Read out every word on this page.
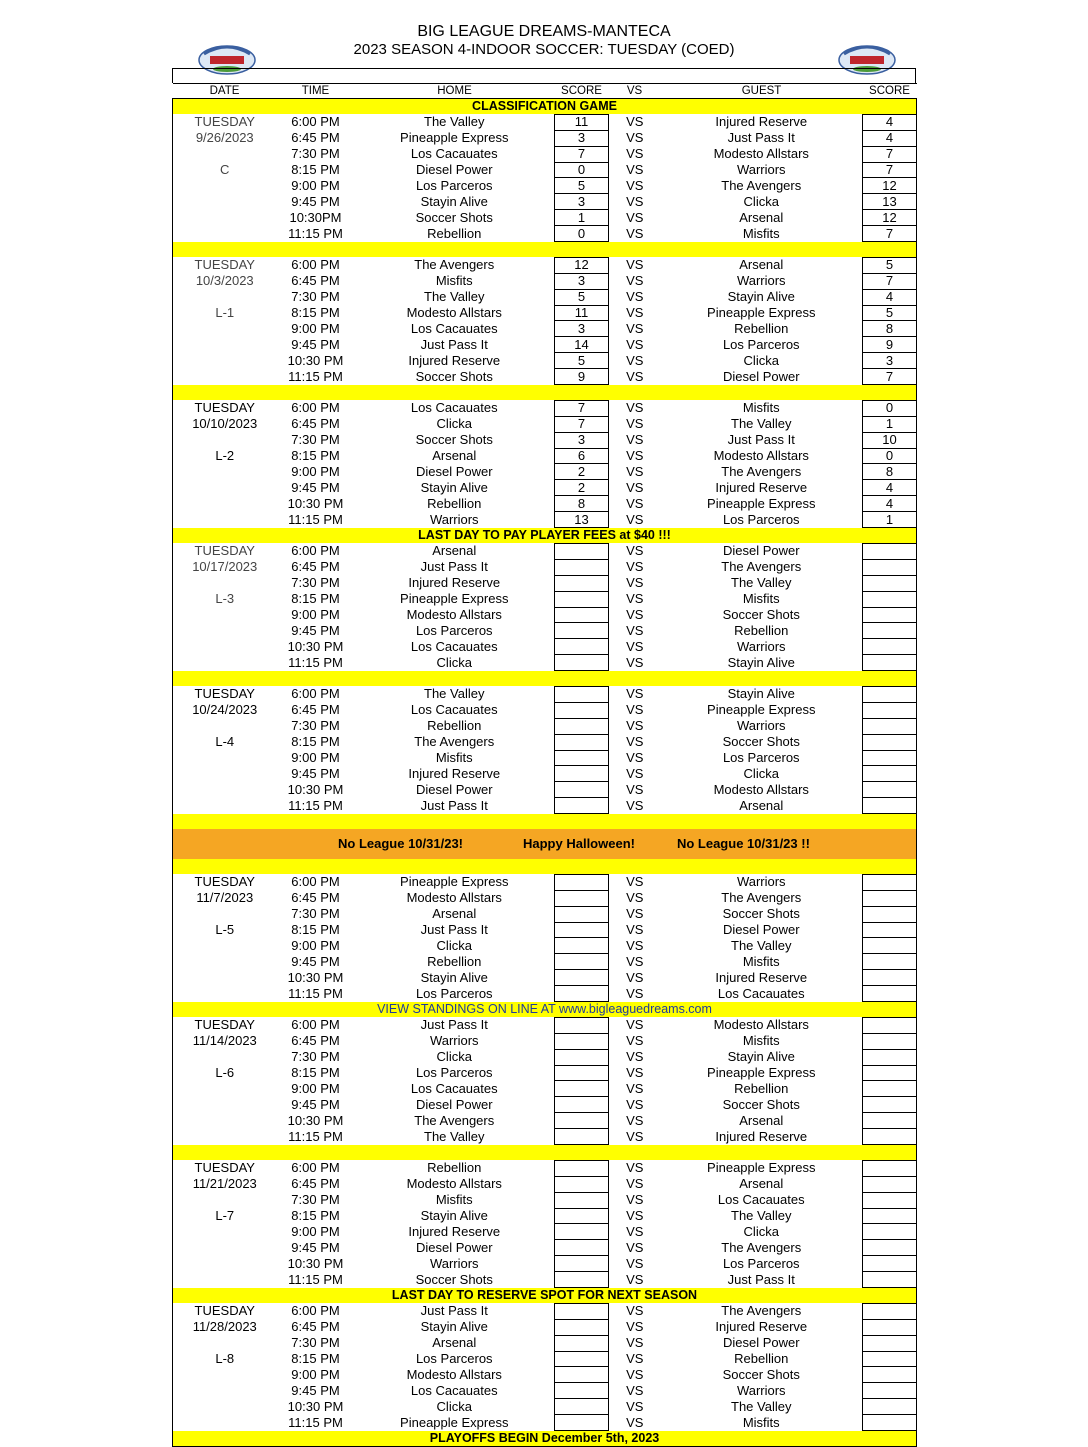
BIG LEAGUE DREAMS-MANTECA
2023 SEASON 4-INDOOR SOCCER: TUESDAY (COED)
DATE	TIME	HOME	SCORE	VS	GUEST	SCORE
CLASSIFICATION GAME						
TUESDAY	6:00 PM	The Valley	11	VS	Injured Reserve	4
9/26/2023	6:45 PM	Pineapple Express	3	VS	Just Pass It	4
	7:30 PM	Los Cacauates	7	VS	Modesto Allstars	7
C	8:15 PM	Diesel Power	0	VS	Warriors	7
	9:00 PM	Los Parceros	5	VS	The Avengers	12
	9:45 PM	Stayin Alive	3	VS	Clicka	13
	10:30PM	Soccer Shots	1	VS	Arsenal	12
	11:15 PM	Rebellion	0	VS	Misfits	7

TUESDAY	6:00 PM	The Avengers	12	VS	Arsenal	5
10/3/2023	6:45 PM	Misfits	3	VS	Warriors	7
	7:30 PM	The Valley	5	VS	Stayin Alive	4
L-1	8:15 PM	Modesto Allstars	11	VS	Pineapple Express	5
	9:00 PM	Los Cacauates	3	VS	Rebellion	8
	9:45 PM	Just Pass It	14	VS	Los Parceros	9
	10:30 PM	Injured Reserve	5	VS	Clicka	3
	11:15 PM	Soccer Shots	9	VS	Diesel Power	7

TUESDAY	6:00 PM	Los Cacauates	7	VS	Misfits	0
10/10/2023	6:45 PM	Clicka	7	VS	The Valley	1
	7:30 PM	Soccer Shots	3	VS	Just Pass It	10
L-2	8:15 PM	Arsenal	6	VS	Modesto Allstars	0
	9:00 PM	Diesel Power	2	VS	The Avengers	8
	9:45 PM	Stayin Alive	2	VS	Injured Reserve	4
	10:30 PM	Rebellion	8	VS	Pineapple Express	4
	11:15 PM	Warriors	13	VS	Los Parceros	1
LAST DAY TO PAY PLAYER FEES at $40 !!!						
TUESDAY	6:00 PM	Arsenal		VS	Diesel Power	
10/17/2023	6:45 PM	Just Pass It		VS	The Avengers	
	7:30 PM	Injured Reserve		VS	The Valley	
L-3	8:15 PM	Pineapple Express		VS	Misfits	
	9:00 PM	Modesto Allstars		VS	Soccer Shots	
	9:45 PM	Los Parceros		VS	Rebellion	
	10:30 PM	Los Cacauates		VS	Warriors	
	11:15 PM	Clicka		VS	Stayin Alive	

TUESDAY	6:00 PM	The Valley		VS	Stayin Alive	
10/24/2023	6:45 PM	Los Cacauates		VS	Pineapple Express	
	7:30 PM	Rebellion		VS	Warriors	
L-4	8:15 PM	The Avengers		VS	Soccer Shots	
	9:00 PM	Misfits		VS	Los Parceros	
	9:45 PM	Injured Reserve		VS	Clicka	
	10:30 PM	Diesel Power		VS	Modesto Allstars	
	11:15 PM	Just Pass It		VS	Arsenal	

No League 10/31/23! Happy Halloween! No League 10/31/23 !!						

TUESDAY	6:00 PM	Pineapple Express		VS	Warriors	
11/7/2023	6:45 PM	Modesto Allstars		VS	The Avengers	
	7:30 PM	Arsenal		VS	Soccer Shots	
L-5	8:15 PM	Just Pass It		VS	Diesel Power	
	9:00 PM	Clicka		VS	The Valley	
	9:45 PM	Rebellion		VS	Misfits	
	10:30 PM	Stayin Alive		VS	Injured Reserve	
	11:15 PM	Los Parceros		VS	Los Cacauates	
VIEW STANDINGS ON LINE AT www.bigleaguedreams.com						
TUESDAY	6:00 PM	Just Pass It		VS	Modesto Allstars	
11/14/2023	6:45 PM	Warriors		VS	Misfits	
	7:30 PM	Clicka		VS	Stayin Alive	
L-6	8:15 PM	Los Parceros		VS	Pineapple Express	
	9:00 PM	Los Cacauates		VS	Rebellion	
	9:45 PM	Diesel Power		VS	Soccer Shots	
	10:30 PM	The Avengers		VS	Arsenal	
	11:15 PM	The Valley		VS	Injured Reserve	

TUESDAY	6:00 PM	Rebellion		VS	Pineapple Express	
11/21/2023	6:45 PM	Modesto Allstars		VS	Arsenal	
	7:30 PM	Misfits		VS	Los Cacauates	
L-7	8:15 PM	Stayin Alive		VS	The Valley	
	9:00 PM	Injured Reserve		VS	Clicka	
	9:45 PM	Diesel Power		VS	The Avengers	
	10:30 PM	Warriors		VS	Los Parceros	
	11:15 PM	Soccer Shots		VS	Just Pass It	
LAST DAY TO RESERVE SPOT FOR NEXT SEASON						
TUESDAY	6:00 PM	Just Pass It		VS	The Avengers	
11/28/2023	6:45 PM	Stayin Alive		VS	Injured Reserve	
	7:30 PM	Arsenal		VS	Diesel Power	
L-8	8:15 PM	Los Parceros		VS	Rebellion	
	9:00 PM	Modesto Allstars		VS	Soccer Shots	
	9:45 PM	Los Cacauates		VS	Warriors	
	10:30 PM	Clicka		VS	The Valley	
	11:15 PM	Pineapple Express		VS	Misfits	
PLAYOFFS BEGIN December 5th, 2023						
